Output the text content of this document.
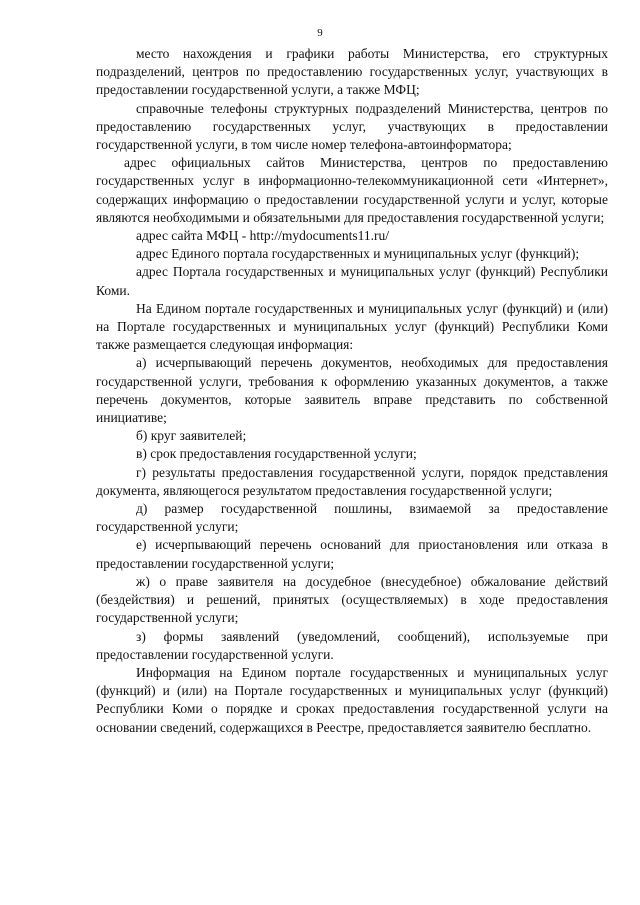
9

место нахождения и графики работы Министерства, его структурных подразделений, центров по предоставлению государственных услуг, участвующих в предоставлении государственной услуги, а также МФЦ;

справочные телефоны структурных подразделений Министерства, центров по предоставлению государственных услуг, участвующих в предоставлении государственной услуги, в том числе номер телефона-автоинформатора;

адрес официальных сайтов Министерства, центров по предоставлению государственных услуг в информационно-телекоммуникационной сети «Интернет», содержащих информацию о предоставлении государственной услуги и услуг, которые являются необходимыми и обязательными для предоставления государственной услуги;

адрес сайта МФЦ - http://mydocuments11.ru/

адрес Единого портала государственных и муниципальных услуг (функций);

адрес Портала государственных и муниципальных услуг (функций) Республики Коми.

На Едином портале государственных и муниципальных услуг (функций) и (или) на Портале государственных и муниципальных услуг (функций) Республики Коми также размещается следующая информация:

а) исчерпывающий перечень документов, необходимых для предоставления государственной услуги, требования к оформлению указанных документов, а также перечень документов, которые заявитель вправе представить по собственной инициативе;

б) круг заявителей;

в) срок предоставления государственной услуги;

г) результаты предоставления государственной услуги, порядок представления документа, являющегося результатом предоставления государственной услуги;

д) размер государственной пошлины, взимаемой за предоставление государственной услуги;

е) исчерпывающий перечень оснований для приостановления или отказа в предоставлении государственной услуги;

ж) о праве заявителя на досудебное (внесудебное) обжалование действий (бездействия) и решений, принятых (осуществляемых) в ходе предоставления государственной услуги;

з) формы заявлений (уведомлений, сообщений), используемые при предоставлении государственной услуги.

Информация на Едином портале государственных и муниципальных услуг (функций) и (или) на Портале государственных и муниципальных услуг (функций) Республики Коми о порядке и сроках предоставления государственной услуги на основании сведений, содержащихся в Реестре, предоставляется заявителю бесплатно.
